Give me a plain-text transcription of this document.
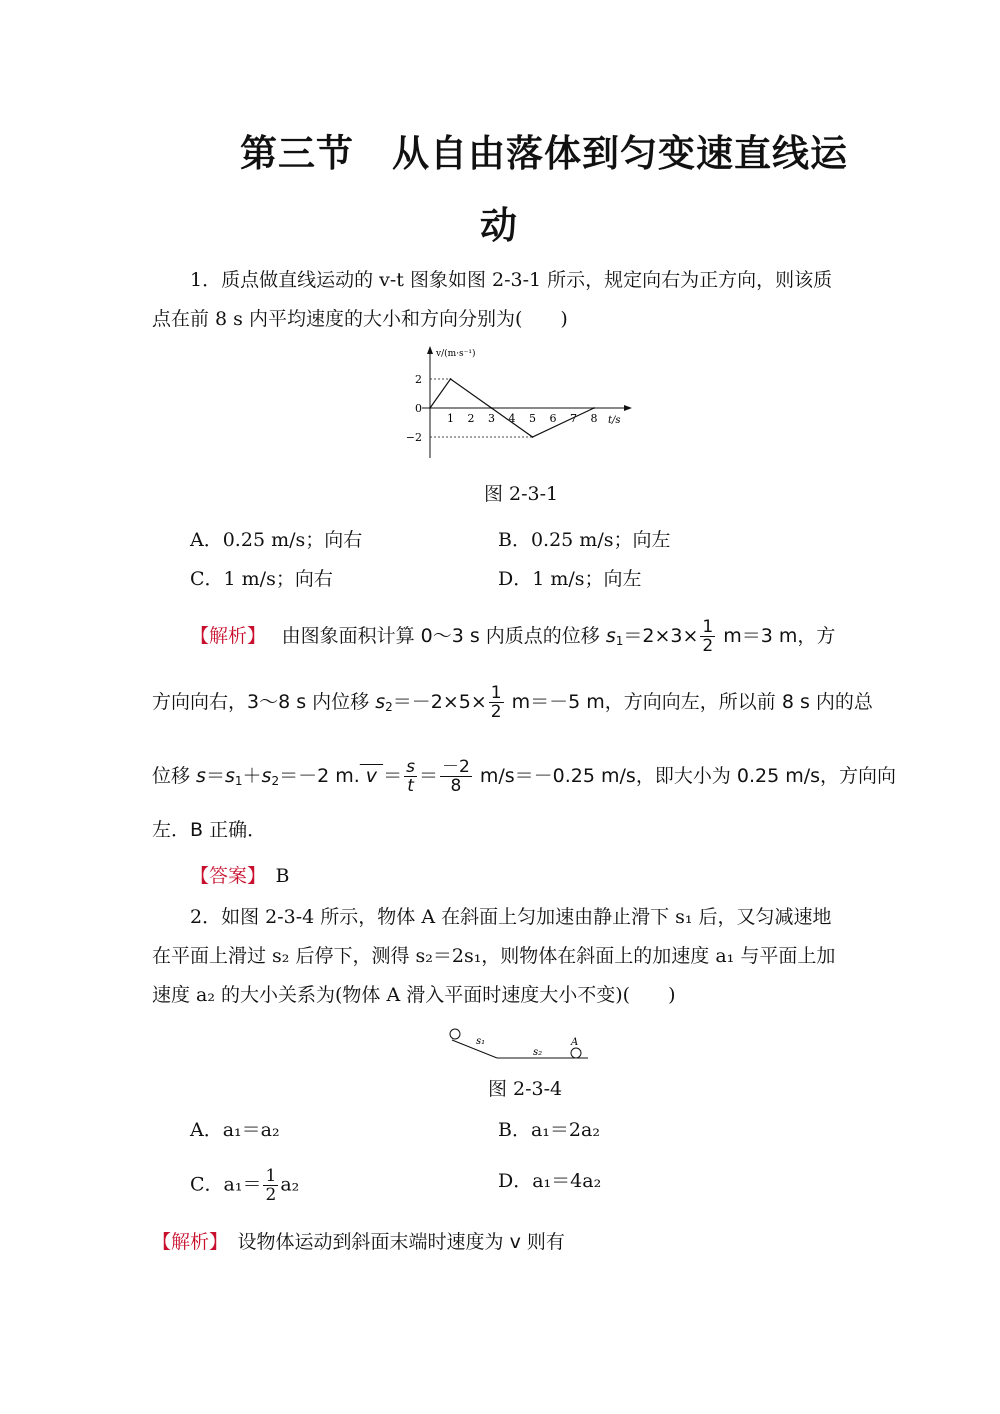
第三节　从自由落体到匀变速直线运
动
1．质点做直线运动的 v-t 图象如图 2-3-1 所示，规定向右为正方向，则该质
点在前 8 s 内平均速度的大小和方向分别为(　　)
v/(m·s⁻¹)
t/s
2
0
−2
1 2 3 4 5 6 7 8
图 2-3-1
A．0.25 m/s；向右	B．0.25 m/s；向左
C．1 m/s；向右	D．1 m/s；向左
【解析】　 由图象面积计算 0～3 s 内质点的位移 $s_1=2\times 3\times \frac{1}{2} m=3$ m，方
方向向右，3～8 s 内位移 $s_2=-2\times 5\times \frac{1}{2} m=-5$ m，方向向左，所以前 8 s 内的总
位移 $s=s_1+s_2=-2$ m. $v = \frac{s}{t} = \frac{-2}{8} m/s=-0.25$ m/s，即大小为 0.25 m/s，方向向
左．B 正确．
【答案】　 B
2．如图 2-3-4 所示，物体 A 在斜面上匀加速由静止滑下 s₁ 后，又匀减速地
在平面上滑过 s₂ 后停下，测得 s₂＝2s₁，则物体在斜面上的加速度 a₁ 与平面上加
速度 a₂ 的大小关系为(物体 A 滑入平面时速度大小不变)(　　)
s₁
s₂
A
图 2-3-4
A．a₁＝a₂	B．a₁＝2a₂
C．$a_1= \frac{1}{2} a_2$	D．a₁＝4a₂
【解析】　 设物体运动到斜面末端时速度为 v 则有
